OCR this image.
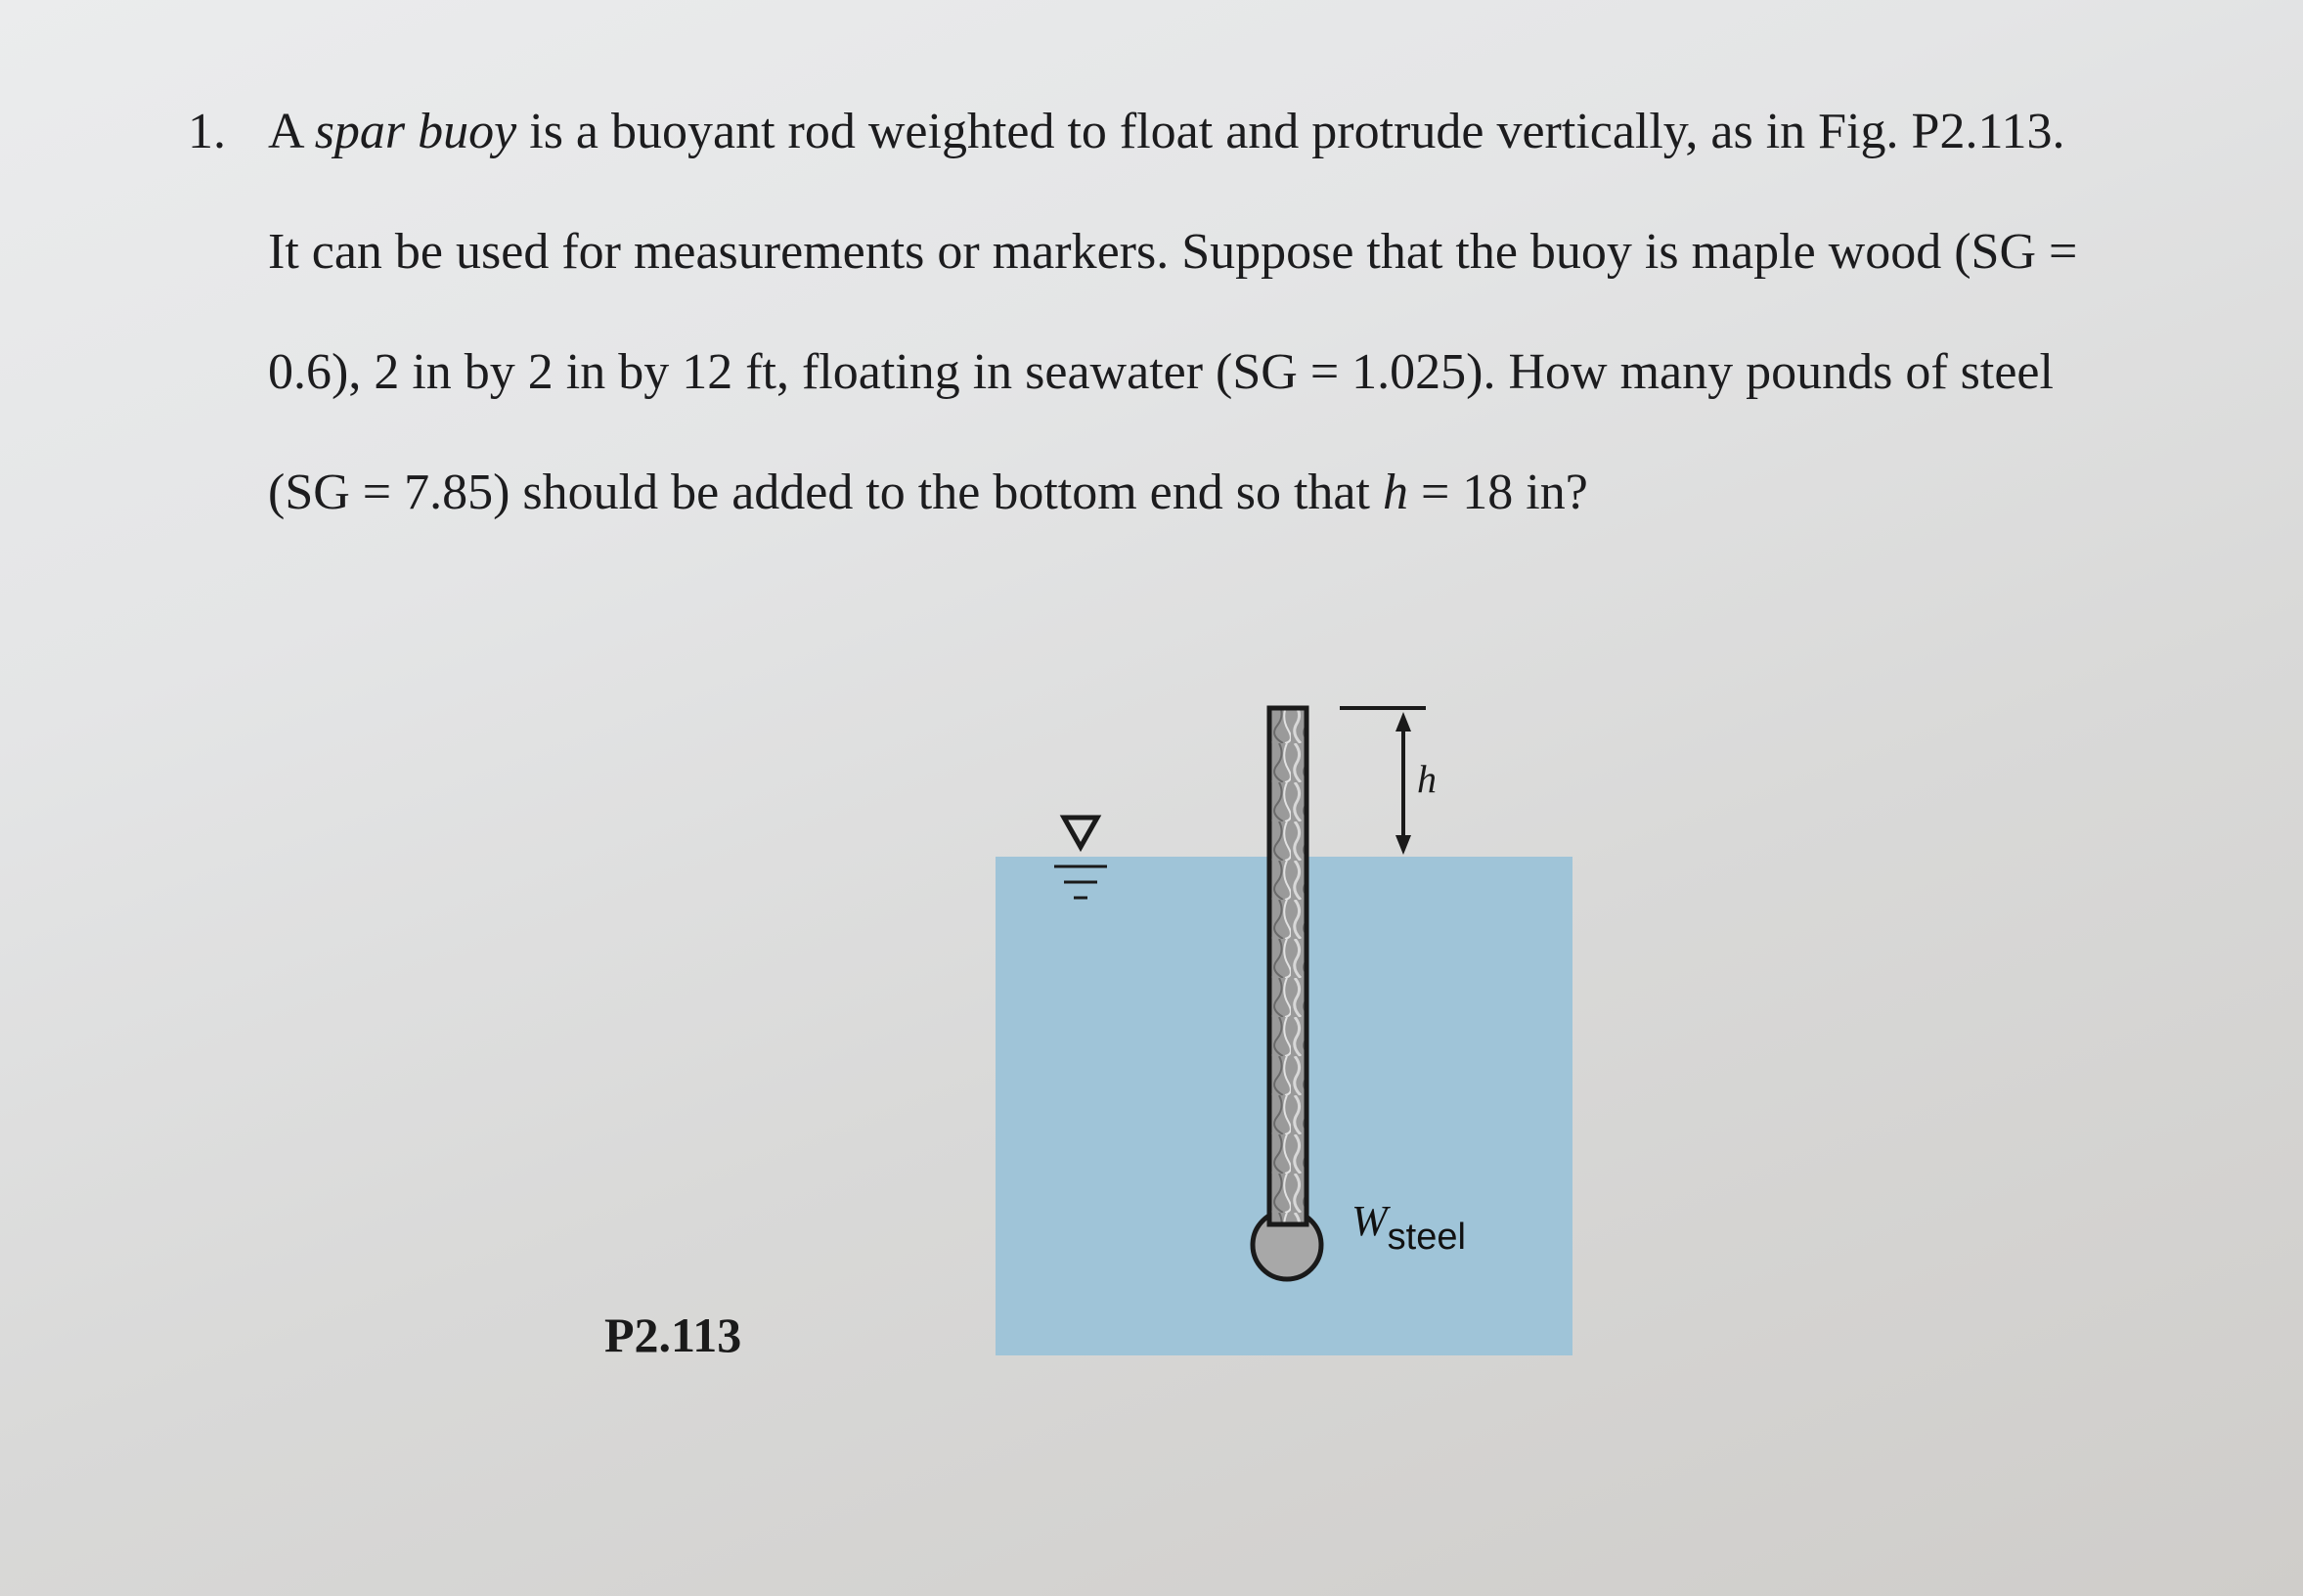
1. A spar buoy is a buoyant rod weighted to float and protrude vertically, as in Fig. P2.113.
It can be used for measurements or markers. Suppose that the buoy is maple wood (SG =
0.6), 2 in by 2 in by 12 ft, floating in seawater (SG = 1.025). How many pounds of steel
(SG = 7.85) should be added to the bottom end so that h = 18 in?
h
Wsteel
P2.113
